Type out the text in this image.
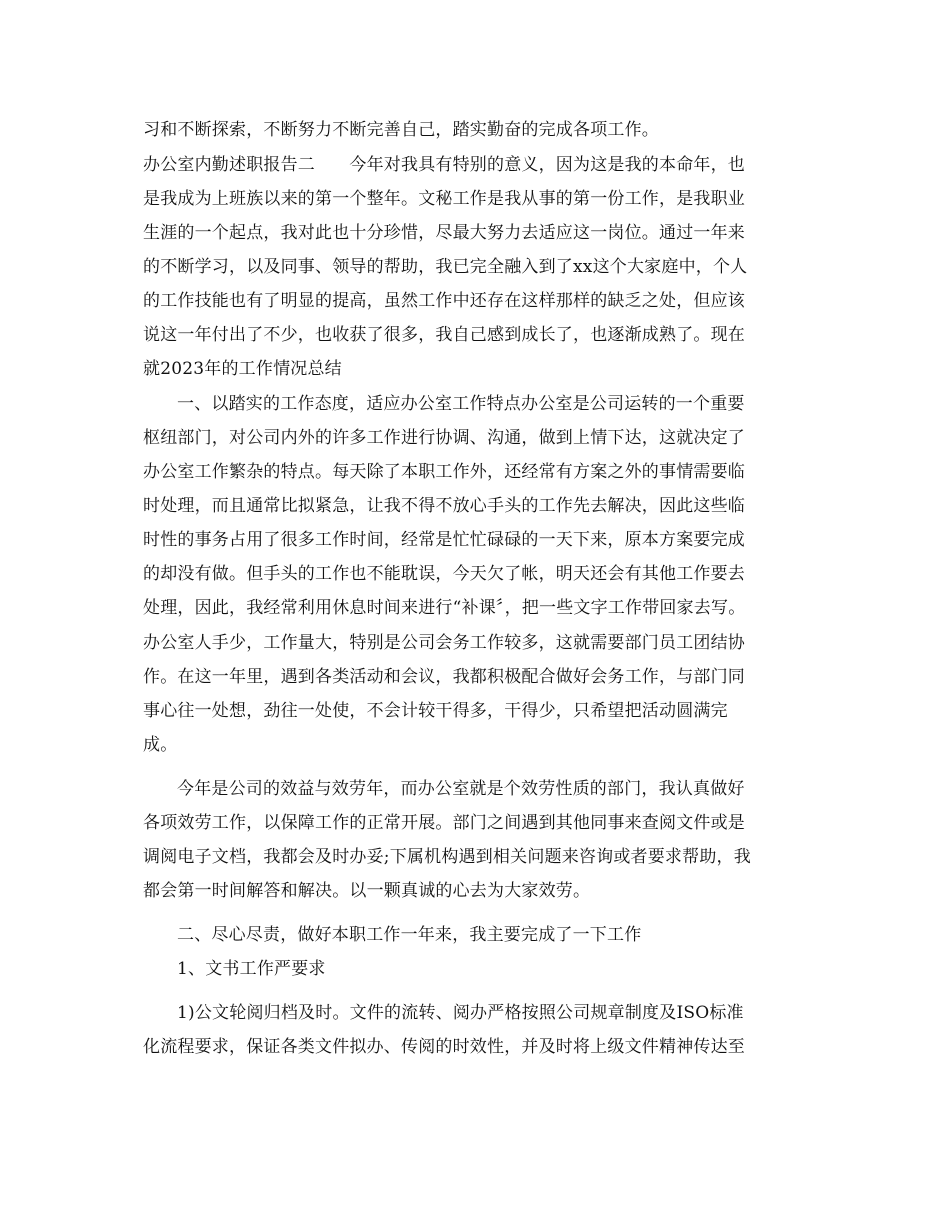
习和不断探索，不断努力不断完善自己，踏实勤奋的完成各项工作。
办公室内勤述职报告二　　今年对我具有特别的意义，因为这是我的本命年，也
是我成为上班族以来的第一个整年。文秘工作是我从事的第一份工作，是我职业
生涯的一个起点，我对此也十分珍惜，尽最大努力去适应这一岗位。通过一年来
的不断学习，以及同事、领导的帮助，我已完全融入到了xx这个大家庭中，个人
的工作技能也有了明显的提高，虽然工作中还存在这样那样的缺乏之处，但应该
说这一年付出了不少，也收获了很多，我自己感到成长了，也逐渐成熟了。现在
就2023年的工作情况总结
一、以踏实的工作态度，适应办公室工作特点办公室是公司运转的一个重要
枢纽部门，对公司内外的许多工作进行协调、沟通，做到上情下达，这就决定了
办公室工作繁杂的特点。每天除了本职工作外，还经常有方案之外的事情需要临
时处理，而且通常比拟紧急，让我不得不放心手头的工作先去解决，因此这些临
时性的事务占用了很多工作时间，经常是忙忙碌碌的一天下来，原本方案要完成
的却没有做。但手头的工作也不能耽误，今天欠了帐，明天还会有其他工作要去
处理，因此，我经常利用休息时间来进行“补课〞，把一些文字工作带回家去写。
办公室人手少，工作量大，特别是公司会务工作较多，这就需要部门员工团结协
作。在这一年里，遇到各类活动和会议，我都积极配合做好会务工作，与部门同
事心往一处想，劲往一处使，不会计较干得多，干得少，只希望把活动圆满完
成。
今年是公司的效益与效劳年，而办公室就是个效劳性质的部门，我认真做好
各项效劳工作，以保障工作的正常开展。部门之间遇到其他同事来查阅文件或是
调阅电子文档，我都会及时办妥;下属机构遇到相关问题来咨询或者要求帮助，我
都会第一时间解答和解决。以一颗真诚的心去为大家效劳。
二、尽心尽责，做好本职工作一年来，我主要完成了一下工作
1、文书工作严要求
1)公文轮阅归档及时。文件的流转、阅办严格按照公司规章制度及ISO标准
化流程要求，保证各类文件拟办、传阅的时效性，并及时将上级文件精神传达至
